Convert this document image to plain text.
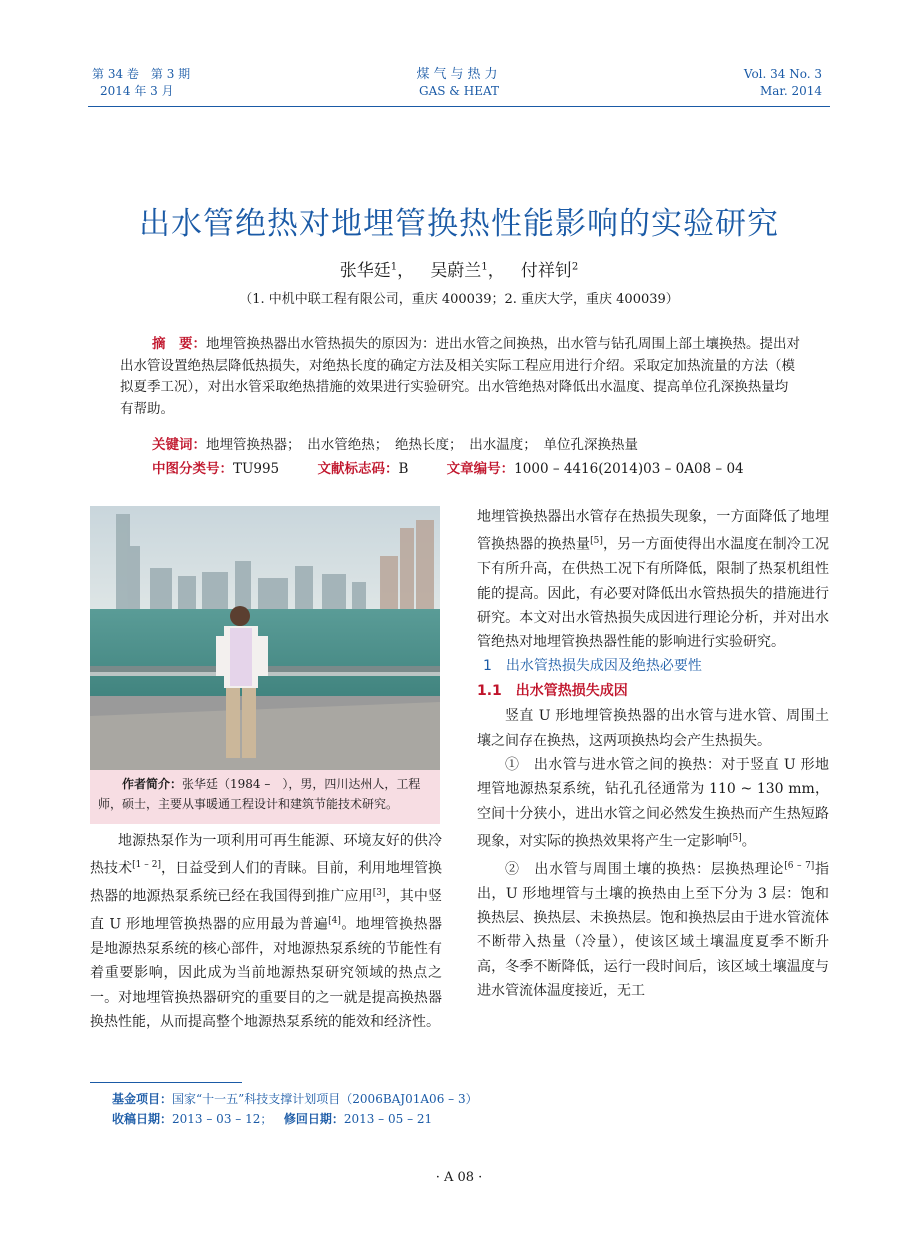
第 34 卷　第 3 期
2014 年 3 月
煤气与热力
GAS & HEAT
Vol. 34 No. 3
Mar. 2014
出水管绝热对地埋管换热性能影响的实验研究
张华廷$^1$，   吴蔚兰$^1$，   付祥钊$^2$
（1. 中机中联工程有限公司，重庆 400039；2. 重庆大学，重庆 400039）
摘　要：地埋管换热器出水管热损失的原因为：进出水管之间换热，出水管与钻孔周围上部土壤换热。提出对出水管设置绝热层降低热损失，对绝热长度的确定方法及相关实际工程应用进行介绍。采取定加热流量的方法（模拟夏季工况），对出水管采取绝热措施的效果进行实验研究。出水管绝热对降低出水温度、提高单位孔深换热量均有帮助。
关键词：地埋管换热器；　出水管绝热；　绝热长度；　出水温度；　单位孔深换热量
中图分类号：TU995	文献标志码：B	文章编号：1000 – 4416(2014)03 – 0A08 – 04
作者简介：张华廷（1984 –　），男，四川达州人，工程师，硕士，主要从事暖通工程设计和建筑节能技术研究。

地源热泵作为一项利用可再生能源、环境友好的供冷热技术[1 – 2]，日益受到人们的青睐。目前，利用地埋管换热器的地源热泵系统已经在我国得到推广应用[3]，其中竖直 U 形地埋管换热器的应用最为普遍[4]。地埋管换热器是地源热泵系统的核心部件，对地源热泵系统的节能性有着重要影响，因此成为当前地源热泵研究领域的热点之一。对地埋管换热器研究的重要目的之一就是提高换热器换热性能，从而提高整个地源热泵系统的能效和经济性。

地埋管换热器出水管存在热损失现象，一方面降低了地埋管换热器的换热量[5]，另一方面使得出水温度在制冷工况下有所升高，在供热工况下有所降低，限制了热泵机组性能的提高。因此，有必要对降低出水管热损失的措施进行研究。本文对出水管热损失成因进行理论分析，并对出水管绝热对地埋管换热器性能的影响进行实验研究。

1　出水管热损失成因及绝热必要性
1.1　出水管热损失成因

竖直 U 形地埋管换热器的出水管与进水管、周围土壤之间存在换热，这两项换热均会产生热损失。

①　出水管与进水管之间的换热：对于竖直 U 形地埋管地源热泵系统，钻孔孔径通常为 110 ~ 130 mm，空间十分狭小，进出水管之间必然发生换热而产生热短路现象，对实际的换热效果将产生一定影响[5]。

②　出水管与周围土壤的换热：层换热理论[6 – 7]指出，U 形地埋管与土壤的换热由上至下分为 3 层：饱和换热层、换热层、未换热层。饱和换热层由于进水管流体不断带入热量（冷量），使该区域土壤温度夏季不断升高，冬季不断降低，运行一段时间后，该区域土壤温度与进水管流体温度接近，无工

基金项目：国家“十一五”科技支撑计划项目（2006BAJ01A06 – 3）
收稿日期：2013 – 03 – 12； 修回日期：2013 – 05 – 21
· A 08 ·
